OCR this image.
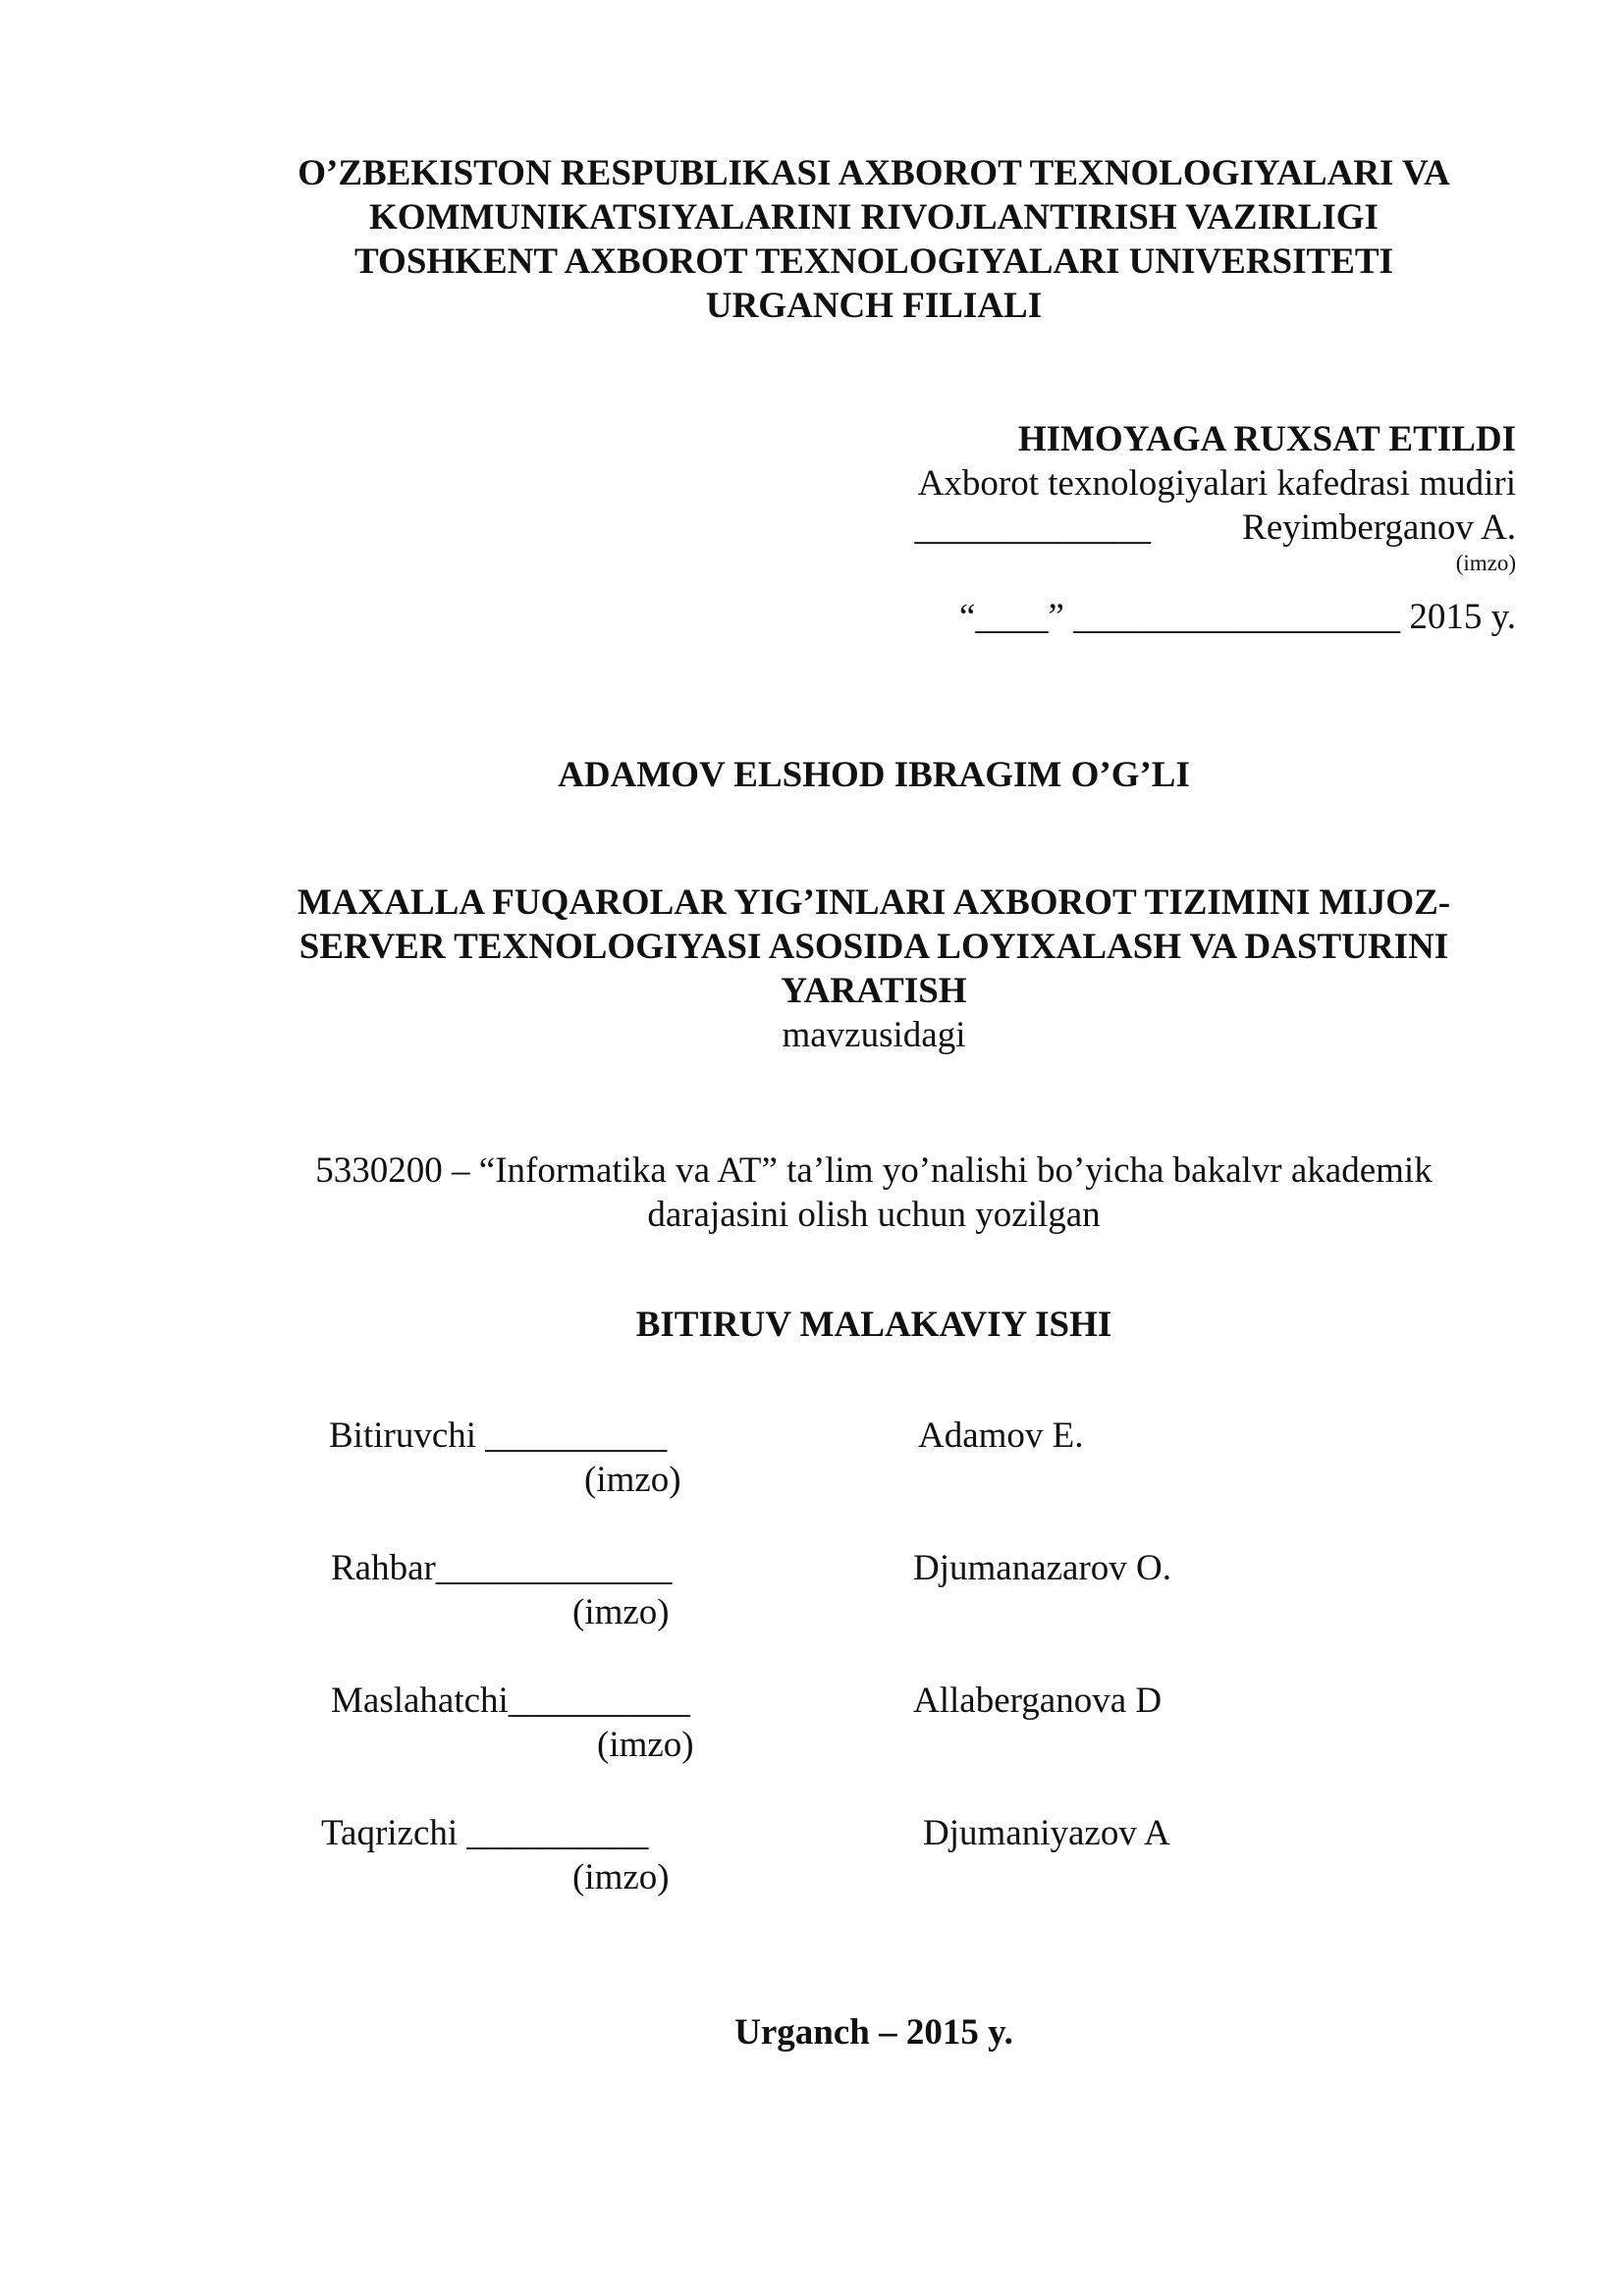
O’ZBEKISTON RESPUBLIKASI AXBOROT TEXNOLOGIYALARI VA
KOMMUNIKATSIYALARINI RIVOJLANTIRISH VAZIRLIGI
TOSHKENT AXBOROT TEXNOLOGIYALARI UNIVERSITETI
URGANCH FILIALI
HIMOYAGA RUXSAT ETILDI
Axborot texnologiyalari kafedrasi mudiri
_____________	Reyimberganov A.
(imzo)
“____” __________________ 2015 y.
ADAMOV ELSHOD IBRAGIM O’G’LI
MAXALLA FUQAROLAR YIG’INLARI AXBOROT TIZIMINI MIJOZ-
SERVER TEXNOLOGIYASI ASOSIDA LOYIXALASH VA DASTURINI
YARATISH
mavzusidagi
5330200 – “Informatika va AT” ta’lim yo’nalishi bo’yicha bakalvr akademik
darajasini olish uchun yozilgan
BITIRUV MALAKAVIY ISHI
Bitiruvchi __________	Adamov E.
(imzo)
Rahbar_____________	Djumanazarov O.
(imzo)
Maslahatchi__________	Allaberganova D
(imzo)
Taqrizchi __________	Djumaniyazov A
(imzo)
Urganch – 2015 y.
